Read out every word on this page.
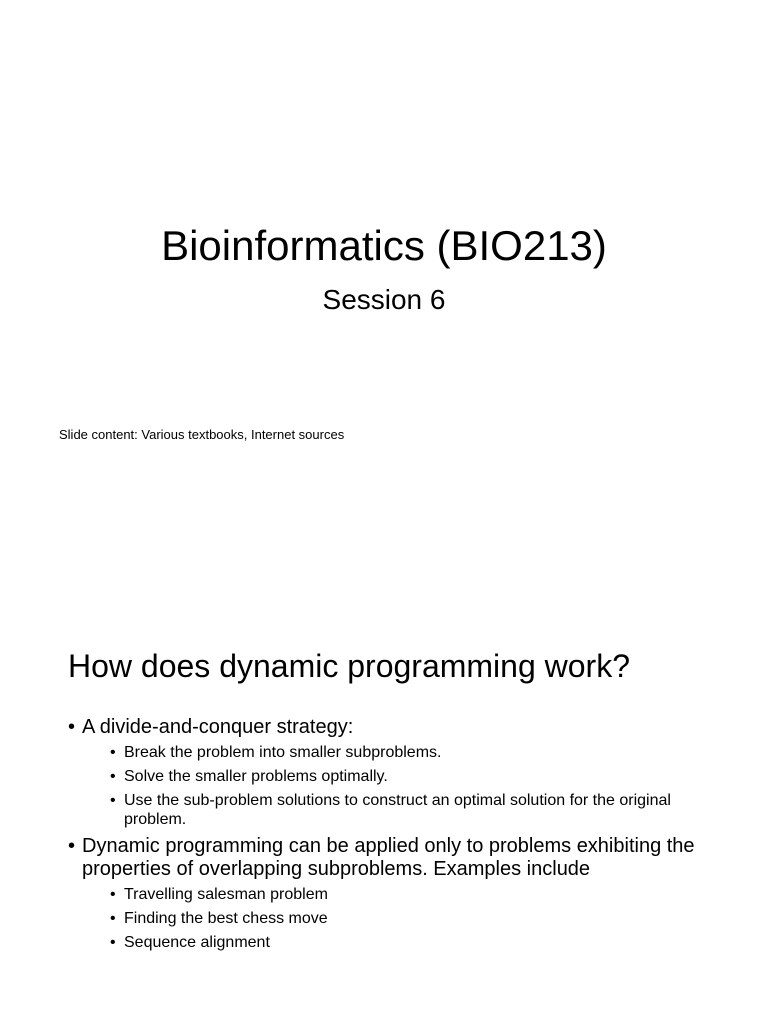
Bioinformatics (BIO213)

Session 6

Slide content: Various textbooks, Internet sources

How does dynamic programming work?
• A divide-and-conquer strategy:
• Break the problem into smaller subproblems.
• Solve the smaller problems optimally.
• Use the sub-problem solutions to construct an optimal solution for the original problem.
• Dynamic programming can be applied only to problems exhibiting the properties of overlapping subproblems. Examples include
• Travelling salesman problem
• Finding the best chess move
• Sequence alignment
